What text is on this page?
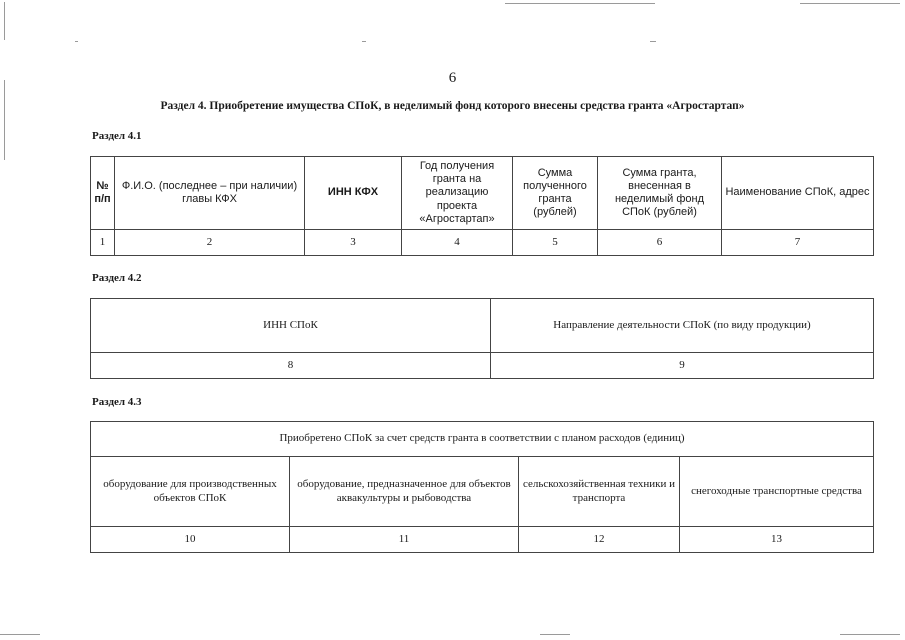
6
Раздел 4. Приобретение имущества СПоК, в неделимый фонд которого внесены средства гранта «Агростартап»
Раздел 4.1
№ п/п	Ф.И.О. (последнее – при наличии) главы КФХ	ИНН КФХ	Год получения гранта на реализацию проекта «Агростартап»	Сумма полученного гранта (рублей)	Сумма гранта, внесенная в неделимый фонд СПоК (рублей)	Наименование СПоК, адрес
1	2	3	4	5	6	7
Раздел 4.2
ИНН СПоК	Направление деятельности СПоК (по виду продукции)
8	9
Раздел 4.3
Приобретено СПоК за счет средств гранта в соответствии с планом расходов (единиц)			
оборудование для производственных объектов СПоК	оборудование, предназначенное для объектов аквакультуры и рыбоводства	сельскохозяйственная техники и транспорта	снегоходные транспортные средства
10	11	12	13
